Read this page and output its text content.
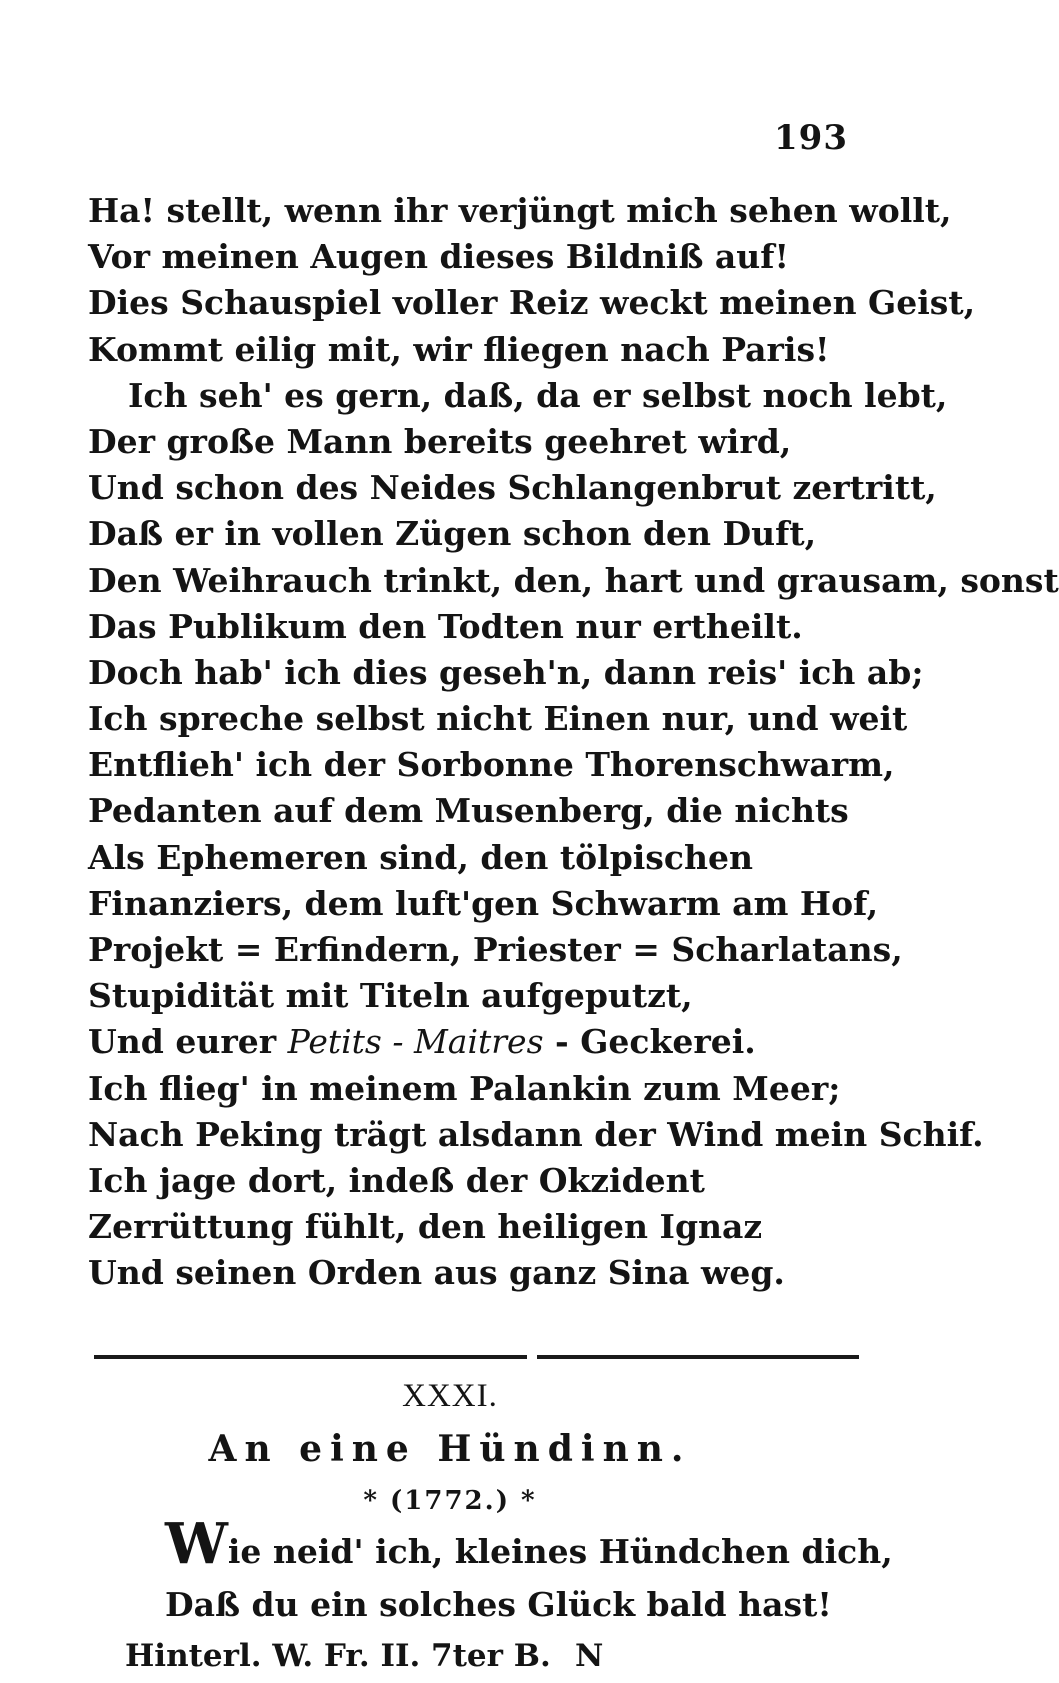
193
Ha! stellt, wenn ihr verjüngt mich sehen wollt,
Vor meinen Augen dieses Bildniß auf!
Dies Schauspiel voller Reiz weckt meinen Geist,
Kommt eilig mit, wir fliegen nach Paris!
Ich seh' es gern, daß, da er selbst noch lebt,
Der große Mann bereits geehret wird,
Und schon des Neides Schlangenbrut zertritt,
Daß er in vollen Zügen schon den Duft,
Den Weihrauch trinkt, den, hart und grausam, sonst
Das Publikum den Todten nur ertheilt.
Doch hab' ich dies geseh'n, dann reis' ich ab;
Ich spreche selbst nicht Einen nur, und weit
Entflieh' ich der Sorbonne Thorenschwarm,
Pedanten auf dem Musenberg, die nichts
Als Ephemeren sind, den tölpischen
Finanziers, dem luft'gen Schwarm am Hof,
Projekt = Erfindern, Priester = Scharlatans,
Stupidität mit Titeln aufgeputzt,
Und eurer Petits - Maitres - Geckerei.
Ich flieg' in meinem Palankin zum Meer;
Nach Peking trägt alsdann der Wind mein Schif.
Ich jage dort, indeß der Okzident
Zerrüttung fühlt, den heiligen Ignaz
Und seinen Orden aus ganz Sina weg.
XXXI.
An eine Hündinn.
* (1772.) *
Wie neid' ich, kleines Hündchen dich,
Daß du ein solches Glück bald hast!
Hinterl. W. Fr. II. 7ter B. N
